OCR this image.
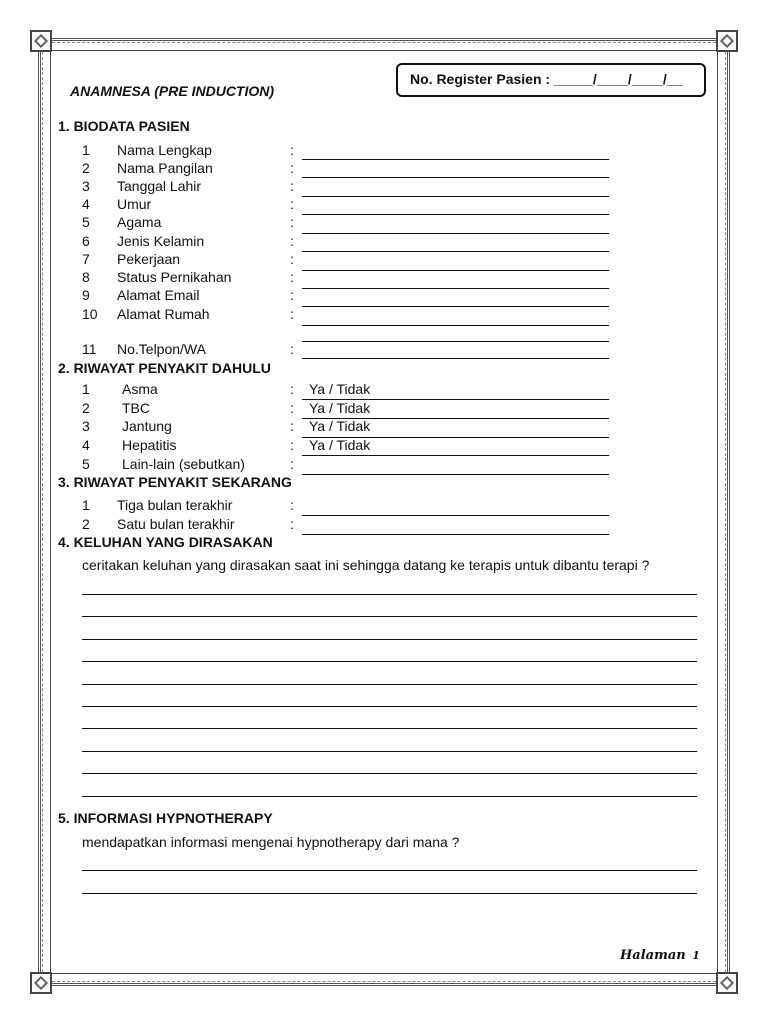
ANAMNESA (PRE INDUCTION)
No. Register Pasien : _____/____/____/__
1. BIODATA PASIEN
1 Nama Lengkap	:
2 Nama Pangilan	:
3 Tanggal Lahir	:
4 Umur	:
5 Agama	:
6 Jenis Kelamin	:
7 Pekerjaan	:
8 Status Pernikahan	:
9 Alamat Email	:
10 Alamat Rumah	:
11 No.Telpon/WA	:
2. RIWAYAT PENYAKIT DAHULU
1 Asma	: Ya / Tidak
2 TBC	: Ya / Tidak
3 Jantung	: Ya / Tidak
4 Hepatitis	: Ya / Tidak
5 Lain-lain (sebutkan)	:
3. RIWAYAT PENYAKIT SEKARANG
1 Tiga bulan terakhir	:
2 Satu bulan terakhir	:
4. KELUHAN YANG DIRASAKAN
ceritakan keluhan yang dirasakan saat ini sehingga datang ke terapis untuk dibantu terapi ?
5. INFORMASI HYPNOTHERAPY
mendapatkan informasi mengenai hypnotherapy dari mana ?
Halaman 1
